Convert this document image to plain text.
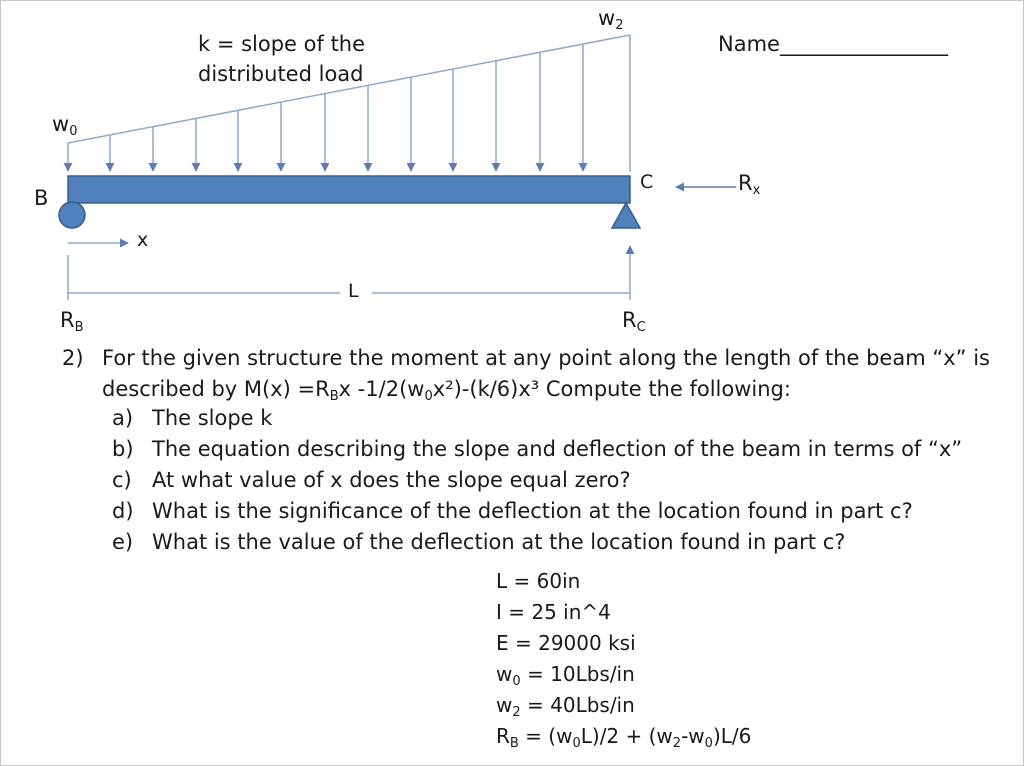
k = slope of the
distributed load
$w_0$
$w_2$
Name________________
B
C	$R_x$
x
L
$R_B$	$R_C$
2) For the given structure the moment at any point along the length of the beam “x” is
described by $M(x) =R_Bx$ $-1/2(w_0x^2)-(k/6)x^3$ Compute the following:
a) The slope k
b) The equation describing the slope and deflection of the beam in terms of “x”
c) At what value of x does the slope equal zero?
d) What is the significance of the deflection at the location found in part c?
e) What is the value of the deflection at the location found in part c?
L = 60in
I = 25 in^4
E = 29000 ksi
$w_0 = 10Lbs/in$
$w_2 = 40Lbs/in$
$R_B = (w_0L)/2 + (w_2-w_0)L/6$
